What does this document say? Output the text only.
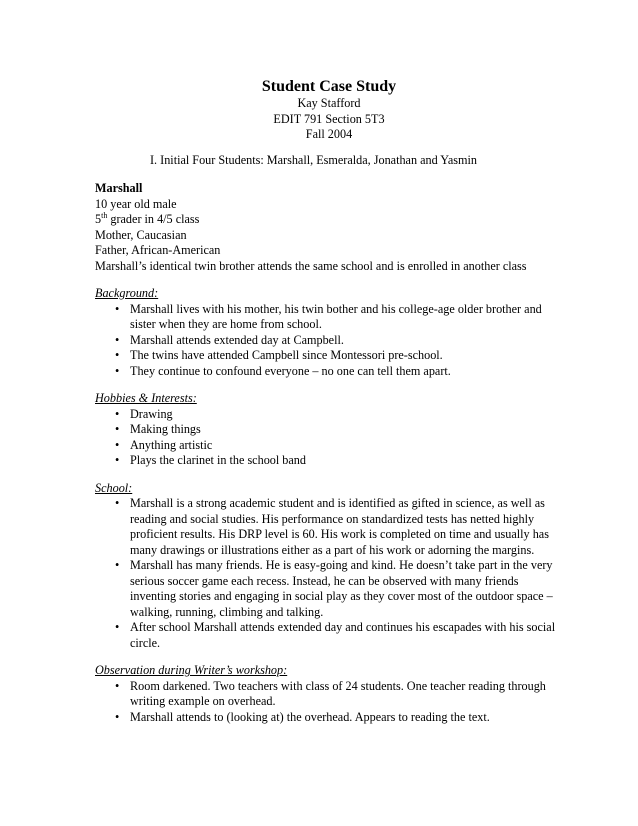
Student Case Study
Kay Stafford
EDIT 791 Section 5T3
Fall 2004
I. Initial Four Students: Marshall, Esmeralda, Jonathan and Yasmin
Marshall
10 year old male
5th grader in 4/5 class
Mother, Caucasian
Father, African-American
Marshall’s identical twin brother attends the same school and is enrolled in another class
Background:
• Marshall lives with his mother, his twin bother and his college-age older brother and sister when they are home from school.
• Marshall attends extended day at Campbell.
• The twins have attended Campbell since Montessori pre-school.
• They continue to confound everyone – no one can tell them apart.
Hobbies & Interests:
• Drawing
• Making things
• Anything artistic
• Plays the clarinet in the school band
School:
• Marshall is a strong academic student and is identified as gifted in science, as well as reading and social studies. His performance on standardized tests has netted highly proficient results. His DRP level is 60. His work is completed on time and usually has many drawings or illustrations either as a part of his work or adorning the margins.
• Marshall has many friends. He is easy-going and kind. He doesn’t take part in the very serious soccer game each recess. Instead, he can be observed with many friends inventing stories and engaging in social play as they cover most of the outdoor space – walking, running, climbing and talking.
• After school Marshall attends extended day and continues his escapades with his social circle.
Observation during Writer’s workshop:
• Room darkened. Two teachers with class of 24 students. One teacher reading through writing example on overhead.
• Marshall attends to (looking at) the overhead. Appears to reading the text.
